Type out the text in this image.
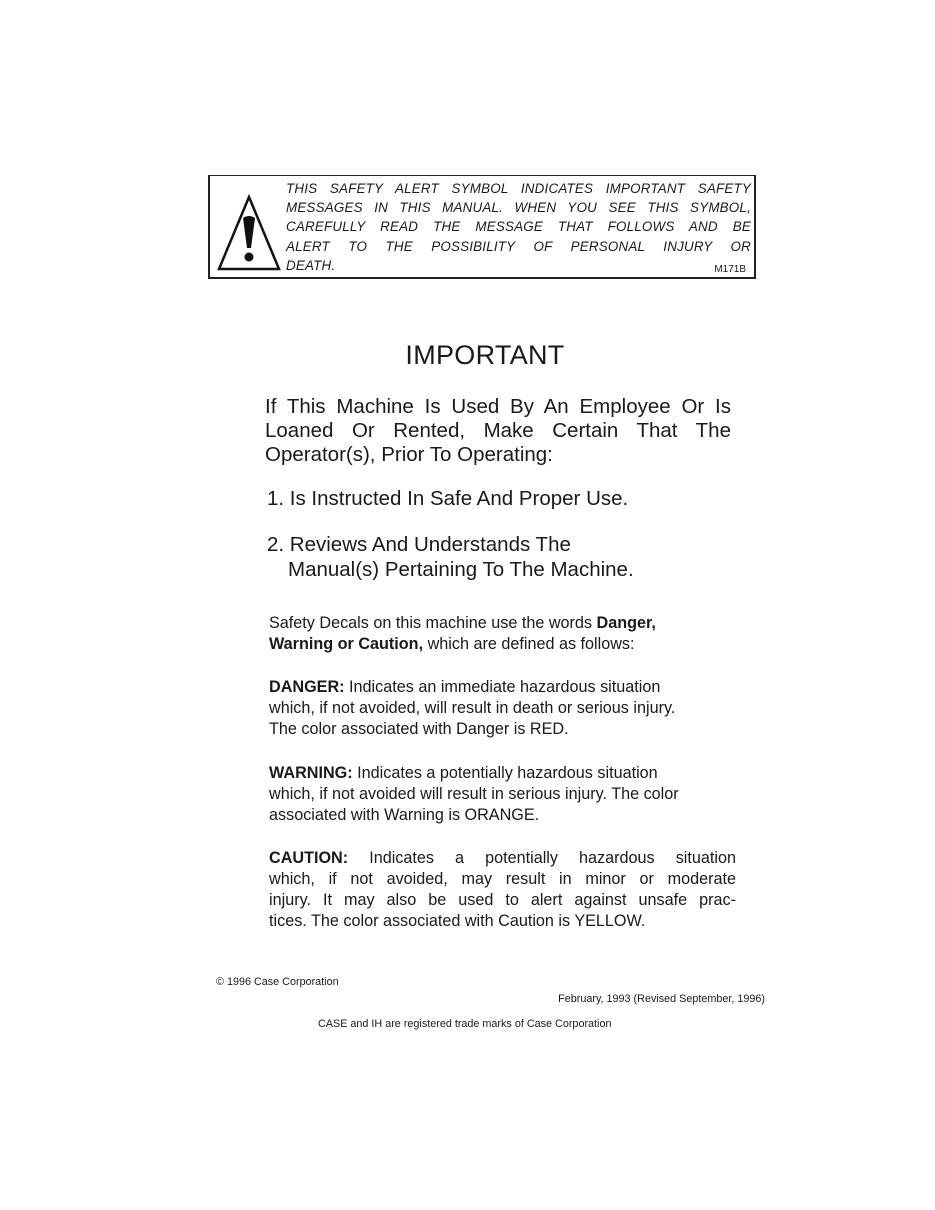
THIS SAFETY ALERT SYMBOL INDICATES IMPORTANT SAFETY
MESSAGES IN THIS MANUAL. WHEN YOU SEE THIS SYMBOL,
CAREFULLY READ THE MESSAGE THAT FOLLOWS AND BE
ALERT TO THE POSSIBILITY OF PERSONAL INJURY OR
DEATH.	M171B
IMPORTANT
If This Machine Is Used By An Employee Or Is
Loaned Or Rented, Make Certain That The
Operator(s), Prior To Operating:
1. Is Instructed In Safe And Proper Use.
2. Reviews And Understands The
Manual(s) Pertaining To The Machine.
Safety Decals on this machine use the words Danger,
Warning or Caution, which are defined as follows:
DANGER: Indicates an immediate hazardous situation
which, if not avoided, will result in death or serious injury.
The color associated with Danger is RED.
WARNING: Indicates a potentially hazardous situation
which, if not avoided will result in serious injury. The color
associated with Warning is ORANGE.
CAUTION: Indicates a potentially hazardous situation
which, if not avoided, may result in minor or moderate
injury. It may also be used to alert against unsafe prac-
tices. The color associated with Caution is YELLOW.
© 1996 Case Corporation
February, 1993 (Revised September, 1996)
CASE and IH are registered trade marks of Case Corporation
